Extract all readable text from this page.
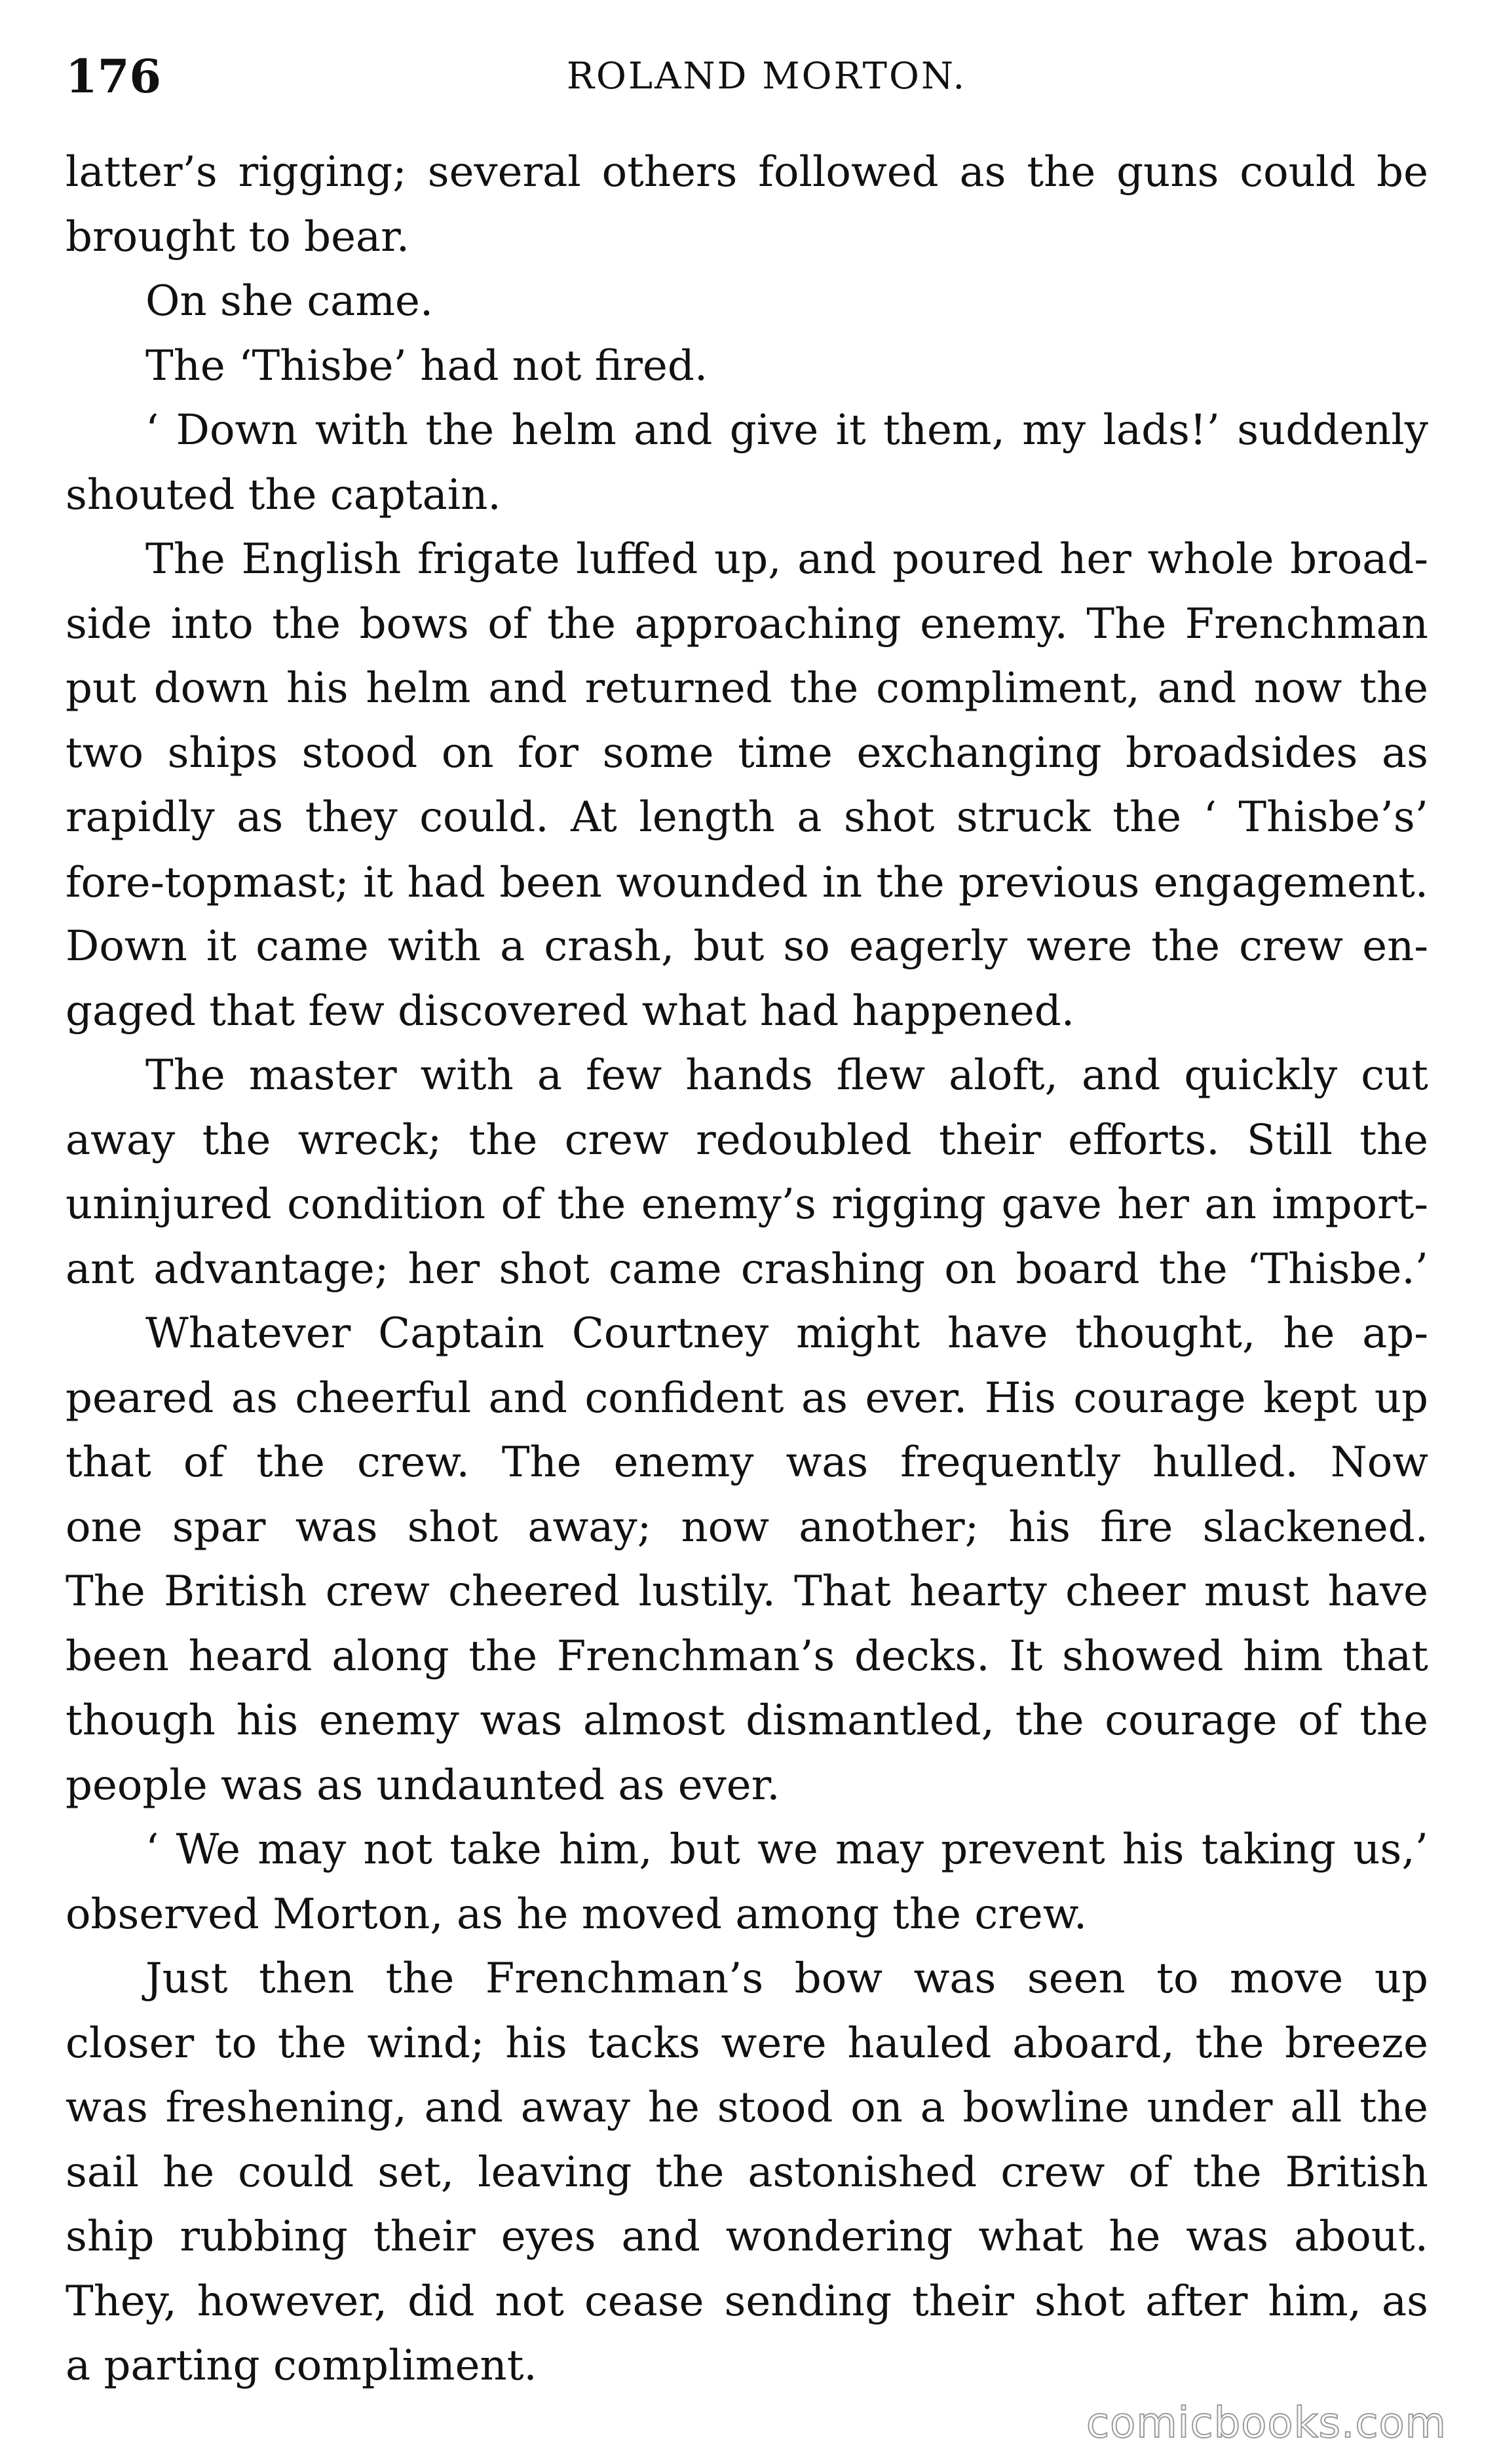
176	ROLAND MORTON.
latter’s rigging; several others followed as the guns could be
brought to bear.
On she came.
The ‘Thisbe’ had not fired.
‘ Down with the helm and give it them, my lads!’ suddenly
shouted the captain.
The English frigate luffed up, and poured her whole broad-
side into the bows of the approaching enemy. The Frenchman
put down his helm and returned the compliment, and now the
two ships stood on for some time exchanging broadsides as
rapidly as they could. At length a shot struck the ‘ Thisbe’s’
fore-topmast; it had been wounded in the previous engagement.
Down it came with a crash, but so eagerly were the crew en-
gaged that few discovered what had happened.
The master with a few hands flew aloft, and quickly cut
away the wreck; the crew redoubled their efforts. Still the
uninjured condition of the enemy’s rigging gave her an import-
ant advantage; her shot came crashing on board the ‘Thisbe.’
Whatever Captain Courtney might have thought, he ap-
peared as cheerful and confident as ever. His courage kept up
that of the crew. The enemy was frequently hulled. Now
one spar was shot away; now another; his fire slackened.
The British crew cheered lustily. That hearty cheer must have
been heard along the Frenchman’s decks. It showed him that
though his enemy was almost dismantled, the courage of the
people was as undaunted as ever.
‘ We may not take him, but we may prevent his taking us,’
observed Morton, as he moved among the crew.
Just then the Frenchman’s bow was seen to move up
closer to the wind; his tacks were hauled aboard, the breeze
was freshening, and away he stood on a bowline under all the
sail he could set, leaving the astonished crew of the British
ship rubbing their eyes and wondering what he was about.
They, however, did not cease sending their shot after him, as
a parting compliment.
comicbooks.com
